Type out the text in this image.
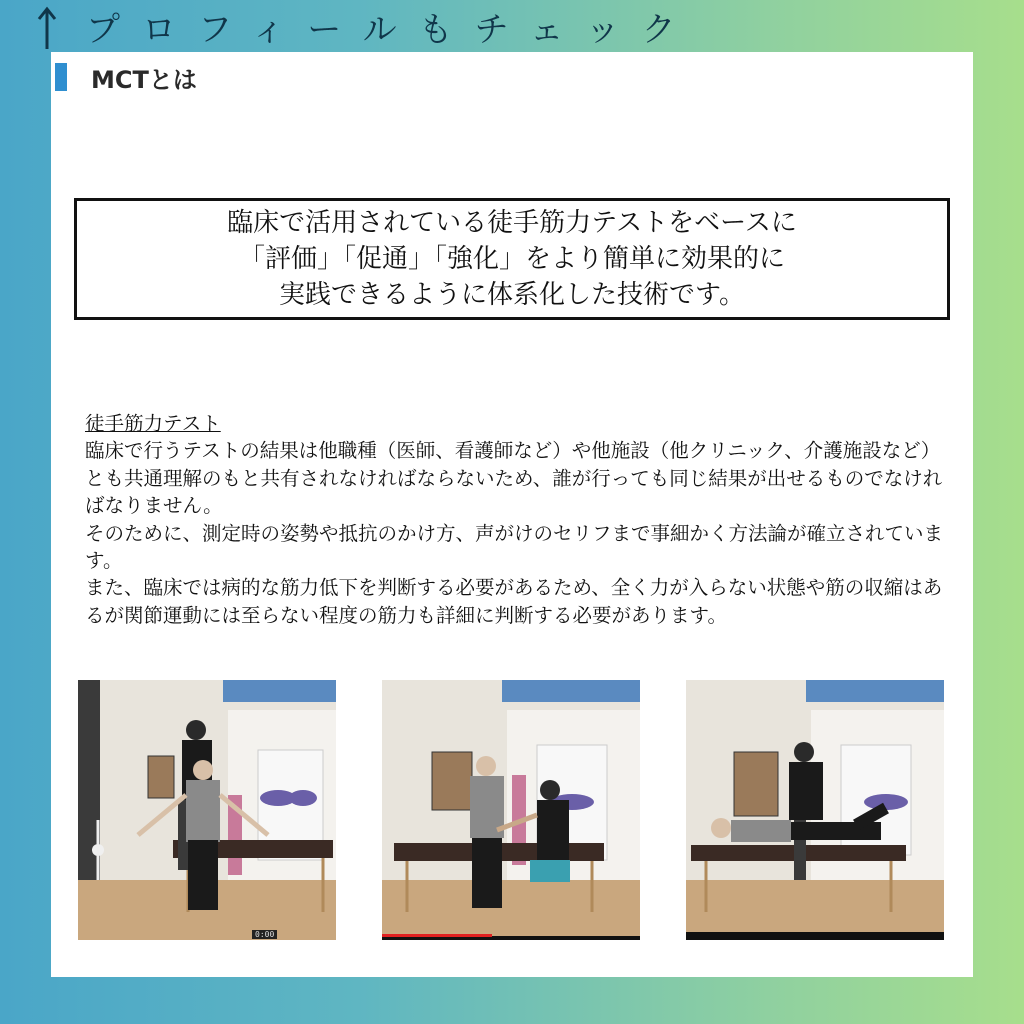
プロフィールもチェック
MCTとは
臨床で活用されている徒手筋力テストをベースに
「評価」「促通」「強化」をより簡単に効果的に
実践できるように体系化した技術です。
徒手筋力テスト
臨床で行うテストの結果は他職種（医師、看護師など）や他施設（他クリニック、介護施設など）とも共通理解のもと共有されなければならないため、誰が行っても同じ結果が出せるものでなければなりません。
そのために、測定時の姿勢や抵抗のかけ方、声がけのセリフまで事細かく方法論が確立されています。
また、臨床では病的な筋力低下を判断する必要があるため、全く力が入らない状態や筋の収縮はあるが関節運動には至らない程度の筋力も詳細に判断する必要があります。
0:00
